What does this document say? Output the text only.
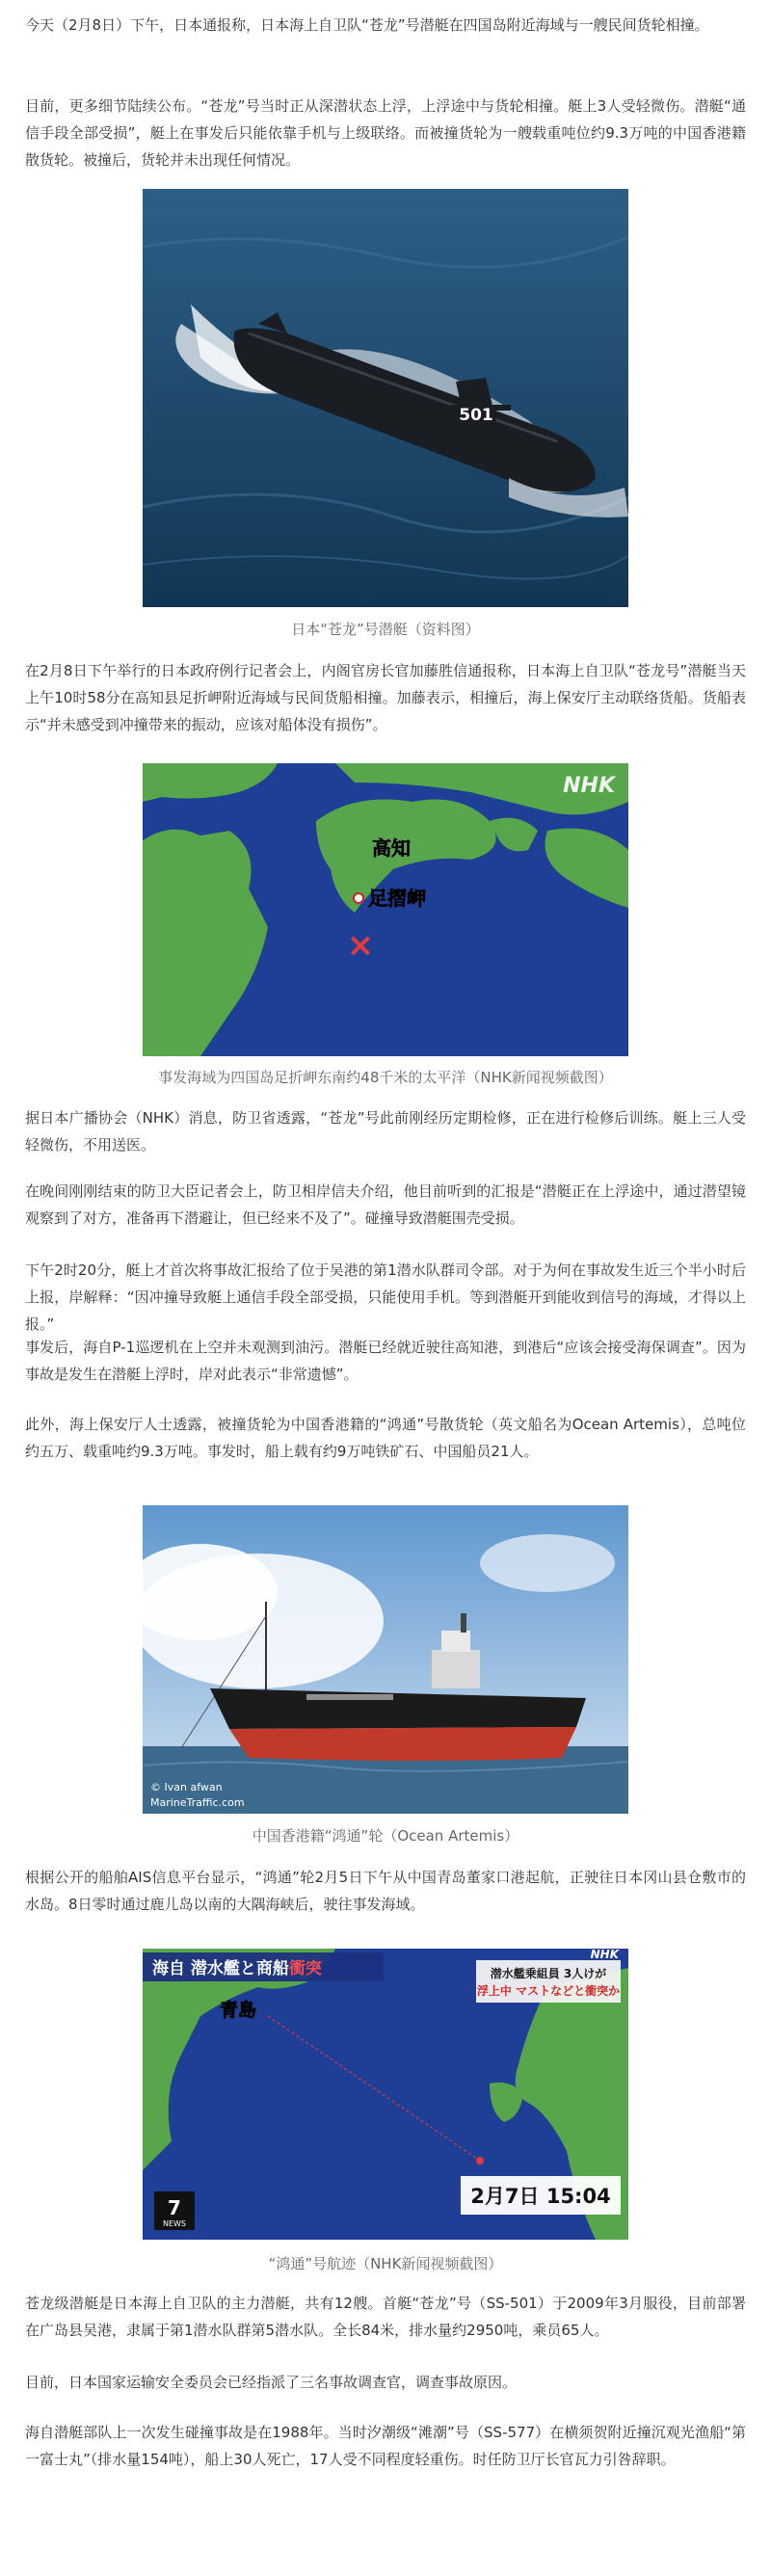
今天（2月8日）下午，日本通报称，日本海上自卫队“苍龙”号潜艇在四国岛附近海域与一艘民间货轮相撞。

目前，更多细节陆续公布。“苍龙”号当时正从深潜状态上浮，上浮途中与货轮相撞。艇上3人受轻微伤。潜艇“通信手段全部受损”，艇上在事发后只能依靠手机与上级联络。而被撞货轮为一艘载重吨位约9.3万吨的中国香港籍散货轮。被撞后，货轮并未出现任何情况。

501
日本“苍龙”号潜艇（资料图）

在2月8日下午举行的日本政府例行记者会上，内阁官房长官加藤胜信通报称，日本海上自卫队“苍龙号”潜艇当天上午10时58分在高知县足折岬附近海域与民间货船相撞。加藤表示，相撞后，海上保安厅主动联络货船。货船表示“并未感受到冲撞带来的振动，应该对船体没有损伤”。

高知
足摺岬
×
NHK
事发海域为四国岛足折岬东南约48千米的太平洋（NHK新闻视频截图）

据日本广播协会（NHK）消息，防卫省透露，“苍龙”号此前刚经历定期检修，正在进行检修后训练。艇上三人受轻微伤，不用送医。

在晚间刚刚结束的防卫大臣记者会上，防卫相岸信夫介绍，他目前听到的汇报是“潜艇正在上浮途中，通过潜望镜观察到了对方，准备再下潜避让，但已经来不及了”。碰撞导致潜艇围壳受损。

下午2时20分，艇上才首次将事故汇报给了位于吴港的第1潜水队群司令部。对于为何在事故发生近三个半小时后上报，岸解释：“因冲撞导致艇上通信手段全部受损，只能使用手机。等到潜艇开到能收到信号的海域，才得以上报。”

事发后，海自P-1巡逻机在上空并未观测到油污。潜艇已经就近驶往高知港，到港后“应该会接受海保调查”。因为事故是发生在潜艇上浮时，岸对此表示“非常遗憾”。

此外，海上保安厅人士透露，被撞货轮为中国香港籍的“鸿通”号散货轮（英文船名为Ocean Artemis），总吨位约五万、载重吨约9.3万吨。事发时，船上载有约9万吨铁矿石、中国船员21人。

© Ivan afwan
MarineTraffic.com
中国香港籍“鸿通”轮（Ocean Artemis）

根据公开的船舶AIS信息平台显示，“鸿通”轮2月5日下午从中国青岛董家口港起航，正驶往日本冈山县仓敷市的水岛。8日零时通过鹿儿岛以南的大隅海峡后，驶往事发海域。

海自 潜水艦と商船衝突	潜水艦乗組員 3人けが
浮上中 マストなどと衝突か
青島
NHK
2月7日 15:04
7
NEWS
“鸿通”号航迹（NHK新闻视频截图）

苍龙级潜艇是日本海上自卫队的主力潜艇，共有12艘。首艇“苍龙”号（SS-501）于2009年3月服役，目前部署在广岛县吴港，隶属于第1潜水队群第5潜水队。全长84米，排水量约2950吨，乘员65人。

目前，日本国家运输安全委员会已经指派了三名事故调查官，调查事故原因。

海自潜艇部队上一次发生碰撞事故是在1988年。当时汐潮级“滩潮”号（SS-577）在横须贺附近撞沉观光渔船“第一富士丸”（排水量154吨），船上30人死亡，17人受不同程度轻重伤。时任防卫厅长官瓦力引咎辞职。
